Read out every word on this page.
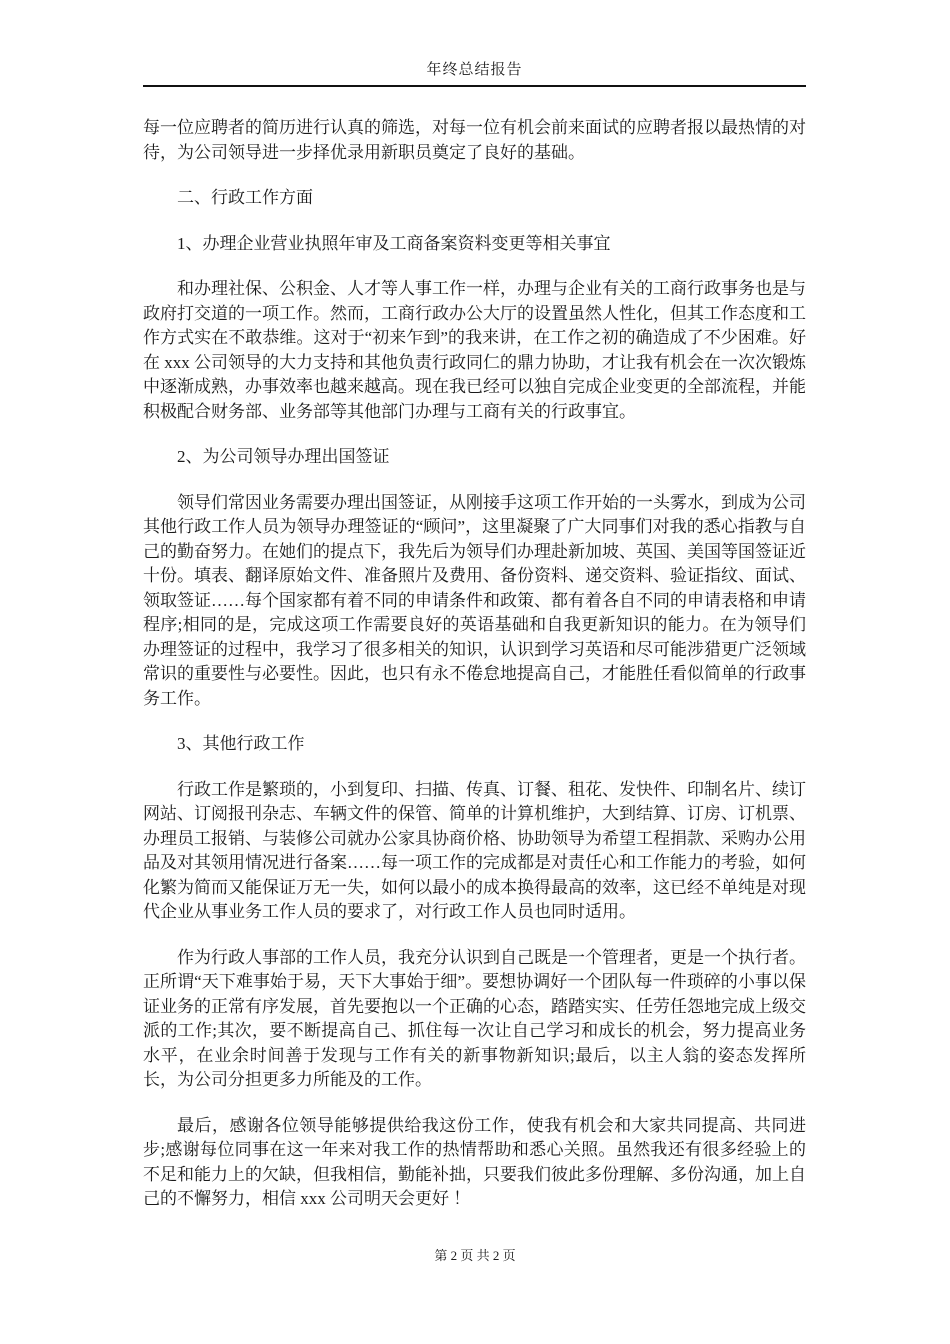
年终总结报告

每一位应聘者的简历进行认真的筛选，对每一位有机会前来面试的应聘者报以最热情的对待，为公司领导进一步择优录用新职员奠定了良好的基础。

二、行政工作方面

1、办理企业营业执照年审及工商备案资料变更等相关事宜

和办理社保、公积金、人才等人事工作一样，办理与企业有关的工商行政事务也是与政府打交道的一项工作。然而，工商行政办公大厅的设置虽然人性化，但其工作态度和工作方式实在不敢恭维。这对于“初来乍到”的我来讲，在工作之初的确造成了不少困难。好在 xxx 公司领导的大力支持和其他负责行政同仁的鼎力协助，才让我有机会在一次次锻炼中逐渐成熟，办事效率也越来越高。现在我已经可以独自完成企业变更的全部流程，并能积极配合财务部、业务部等其他部门办理与工商有关的行政事宜。

2、为公司领导办理出国签证

领导们常因业务需要办理出国签证，从刚接手这项工作开始的一头雾水，到成为公司其他行政工作人员为领导办理签证的“顾问”，这里凝聚了广大同事们对我的悉心指教与自己的勤奋努力。在她们的提点下，我先后为领导们办理赴新加坡、英国、美国等国签证近十份。填表、翻译原始文件、准备照片及费用、备份资料、递交资料、验证指纹、面试、领取签证……每个国家都有着不同的申请条件和政策、都有着各自不同的申请表格和申请程序;相同的是，完成这项工作需要良好的英语基础和自我更新知识的能力。在为领导们办理签证的过程中，我学习了很多相关的知识，认识到学习英语和尽可能涉猎更广泛领域常识的重要性与必要性。因此，也只有永不倦怠地提高自己，才能胜任看似简单的行政事务工作。

3、其他行政工作

行政工作是繁琐的，小到复印、扫描、传真、订餐、租花、发快件、印制名片、续订网站、订阅报刊杂志、车辆文件的保管、简单的计算机维护，大到结算、订房、订机票、办理员工报销、与装修公司就办公家具协商价格、协助领导为希望工程捐款、采购办公用品及对其领用情况进行备案……每一项工作的完成都是对责任心和工作能力的考验，如何化繁为简而又能保证万无一失，如何以最小的成本换得最高的效率，这已经不单纯是对现代企业从事业务工作人员的要求了，对行政工作人员也同时适用。

作为行政人事部的工作人员，我充分认识到自己既是一个管理者，更是一个执行者。正所谓“天下难事始于易，天下大事始于细”。要想协调好一个团队每一件琐碎的小事以保证业务的正常有序发展，首先要抱以一个正确的心态，踏踏实实、任劳任怨地完成上级交派的工作;其次，要不断提高自己、抓住每一次让自己学习和成长的机会，努力提高业务水平，在业余时间善于发现与工作有关的新事物新知识;最后，以主人翁的姿态发挥所长，为公司分担更多力所能及的工作。

最后，感谢各位领导能够提供给我这份工作，使我有机会和大家共同提高、共同进步;感谢每位同事在这一年来对我工作的热情帮助和悉心关照。虽然我还有很多经验上的不足和能力上的欠缺，但我相信，勤能补拙，只要我们彼此多份理解、多份沟通，加上自己的不懈努力，相信 xxx 公司明天会更好 ！

第 2 页 共 2 页
